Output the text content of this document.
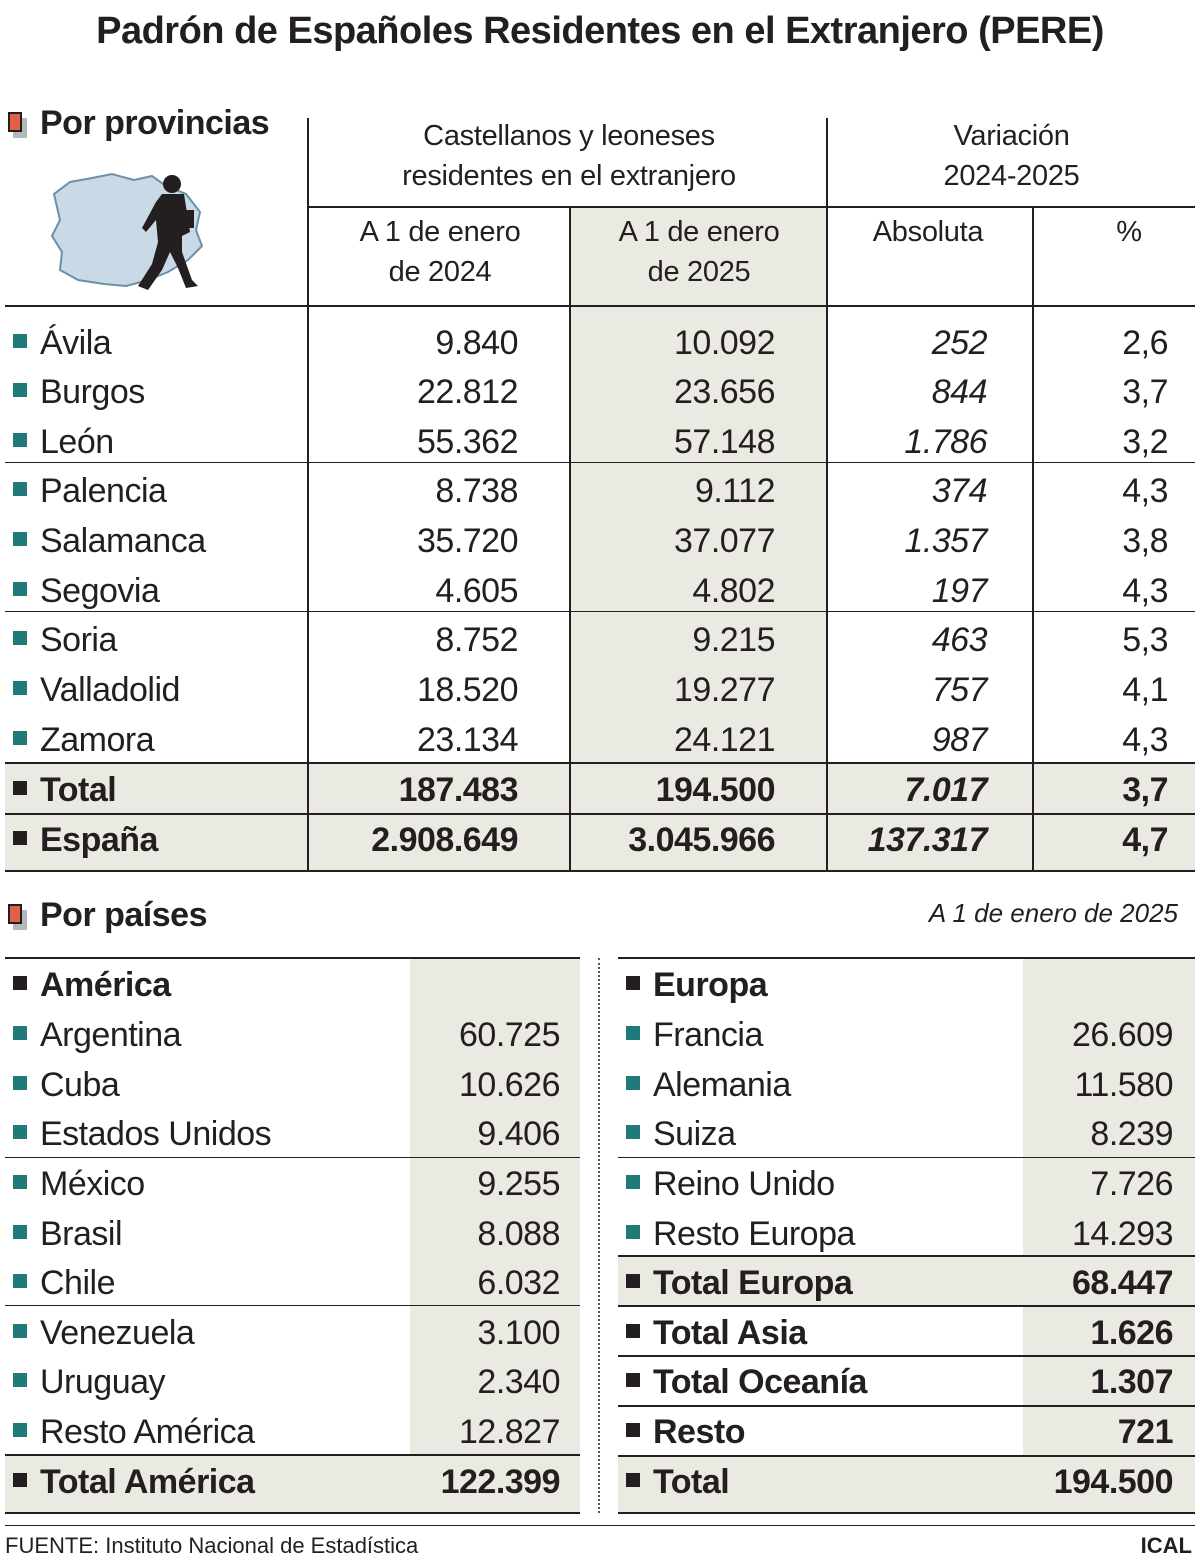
Padrón de Españoles Residentes en el Extranjero (PERE)
Por provincias	Castellanos y leoneses
residentes en el extranjero
Variación
2024-2025
A 1 de enero
de 2024
A 1 de enero
de 2025
Absoluta	%
Ávila	9.840	10.092	252	2,6
Burgos	22.812	23.656	844	3,7
León	55.362	57.148	1.786	3,2
Palencia	8.738	9.112	374	4,3
Salamanca	35.720	37.077	1.357	3,8
Segovia	4.605	4.802	197	4,3
Soria	8.752	9.215	463	5,3
Valladolid	18.520	19.277	757	4,1
Zamora	23.134	24.121	987	4,3
Total	187.483	194.500	7.017	3,7
España	2.908.649	3.045.966	137.317	4,7
Por países	A 1 de enero de 2025
América
Argentina	60.725
Cuba	10.626
Estados Unidos	9.406
México	9.255
Brasil	8.088
Chile	6.032
Venezuela	3.100
Uruguay	2.340
Resto América	12.827
Total América	122.399
Europa
Francia	26.609
Alemania	11.580
Suiza	8.239
Reino Unido	7.726
Resto Europa	14.293
Total Europa	68.447
Total Asia	1.626
Total Oceanía	1.307
Resto	721
Total	194.500
FUENTE: Instituto Nacional de Estadística	ICAL
